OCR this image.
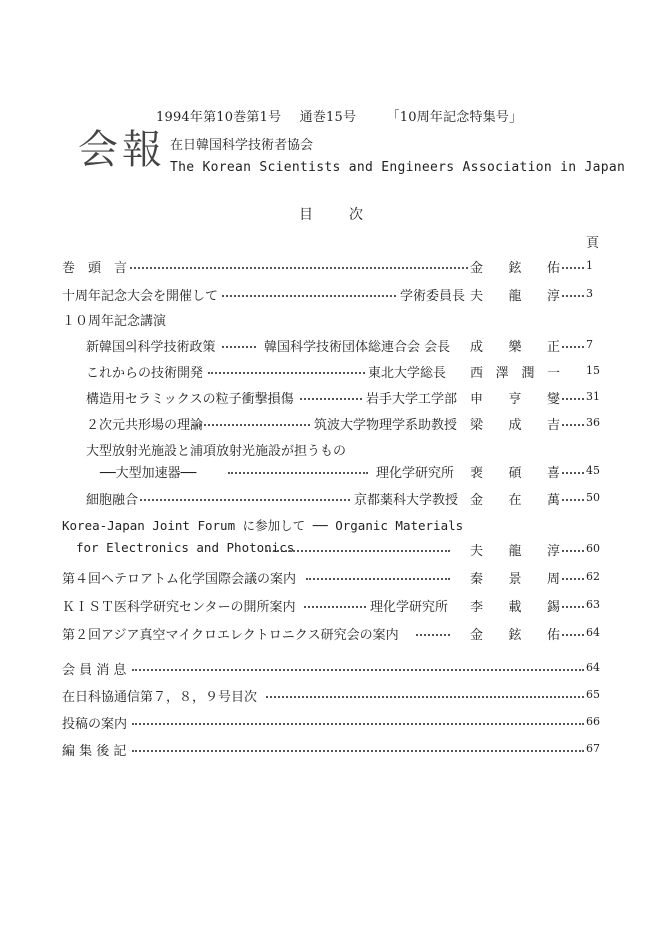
1994年第10巻第1号 通巻15号 「10周年記念特集号」
会報 在日韓国科学技術者協会
The Korean Scientists and Engineers Association in Japan
目次
頁
巻　頭　言	金 鉉 佑 1
十周年記念大会を開催して	学術委員長 夫 龍 淳 3
１０周年記念講演
新韓国의科学技術政策	韓国科学技術団体総連合会 会長 成 樂 正 7
これからの技術開発	東北大学総長 西 澤 潤 一 15
構造用セラミックスの粒子衝撃損傷	岩手大学工学部 申 亨 燮 31
２次元共形場の理論	筑波大学物理学系助教授 梁 成 吉 36
大型放射光施設と浦項放射光施設が担うもの
──大型加速器──	理化学研究所 裵 碩 喜 45
細胞融合	京都薬科大学教授 金 在 萬 50
Korea-Japan Joint Forum に参加して ── Organic Materials
for Electronics and Photonics	夫 龍 淳 60
第４回ヘテロアトム化学国際会議の案内	秦 景 周 62
ＫＩＳＴ医科学研究センターの開所案内	理化学研究所 李 載 錫 63
第２回アジア真空マイクロエレクトロニクス研究会の案内	金 鉉 佑 64
会 員 消 息	64
在日科協通信第７，８，９号目次	65
投稿の案内	66
編 集 後 記	67
